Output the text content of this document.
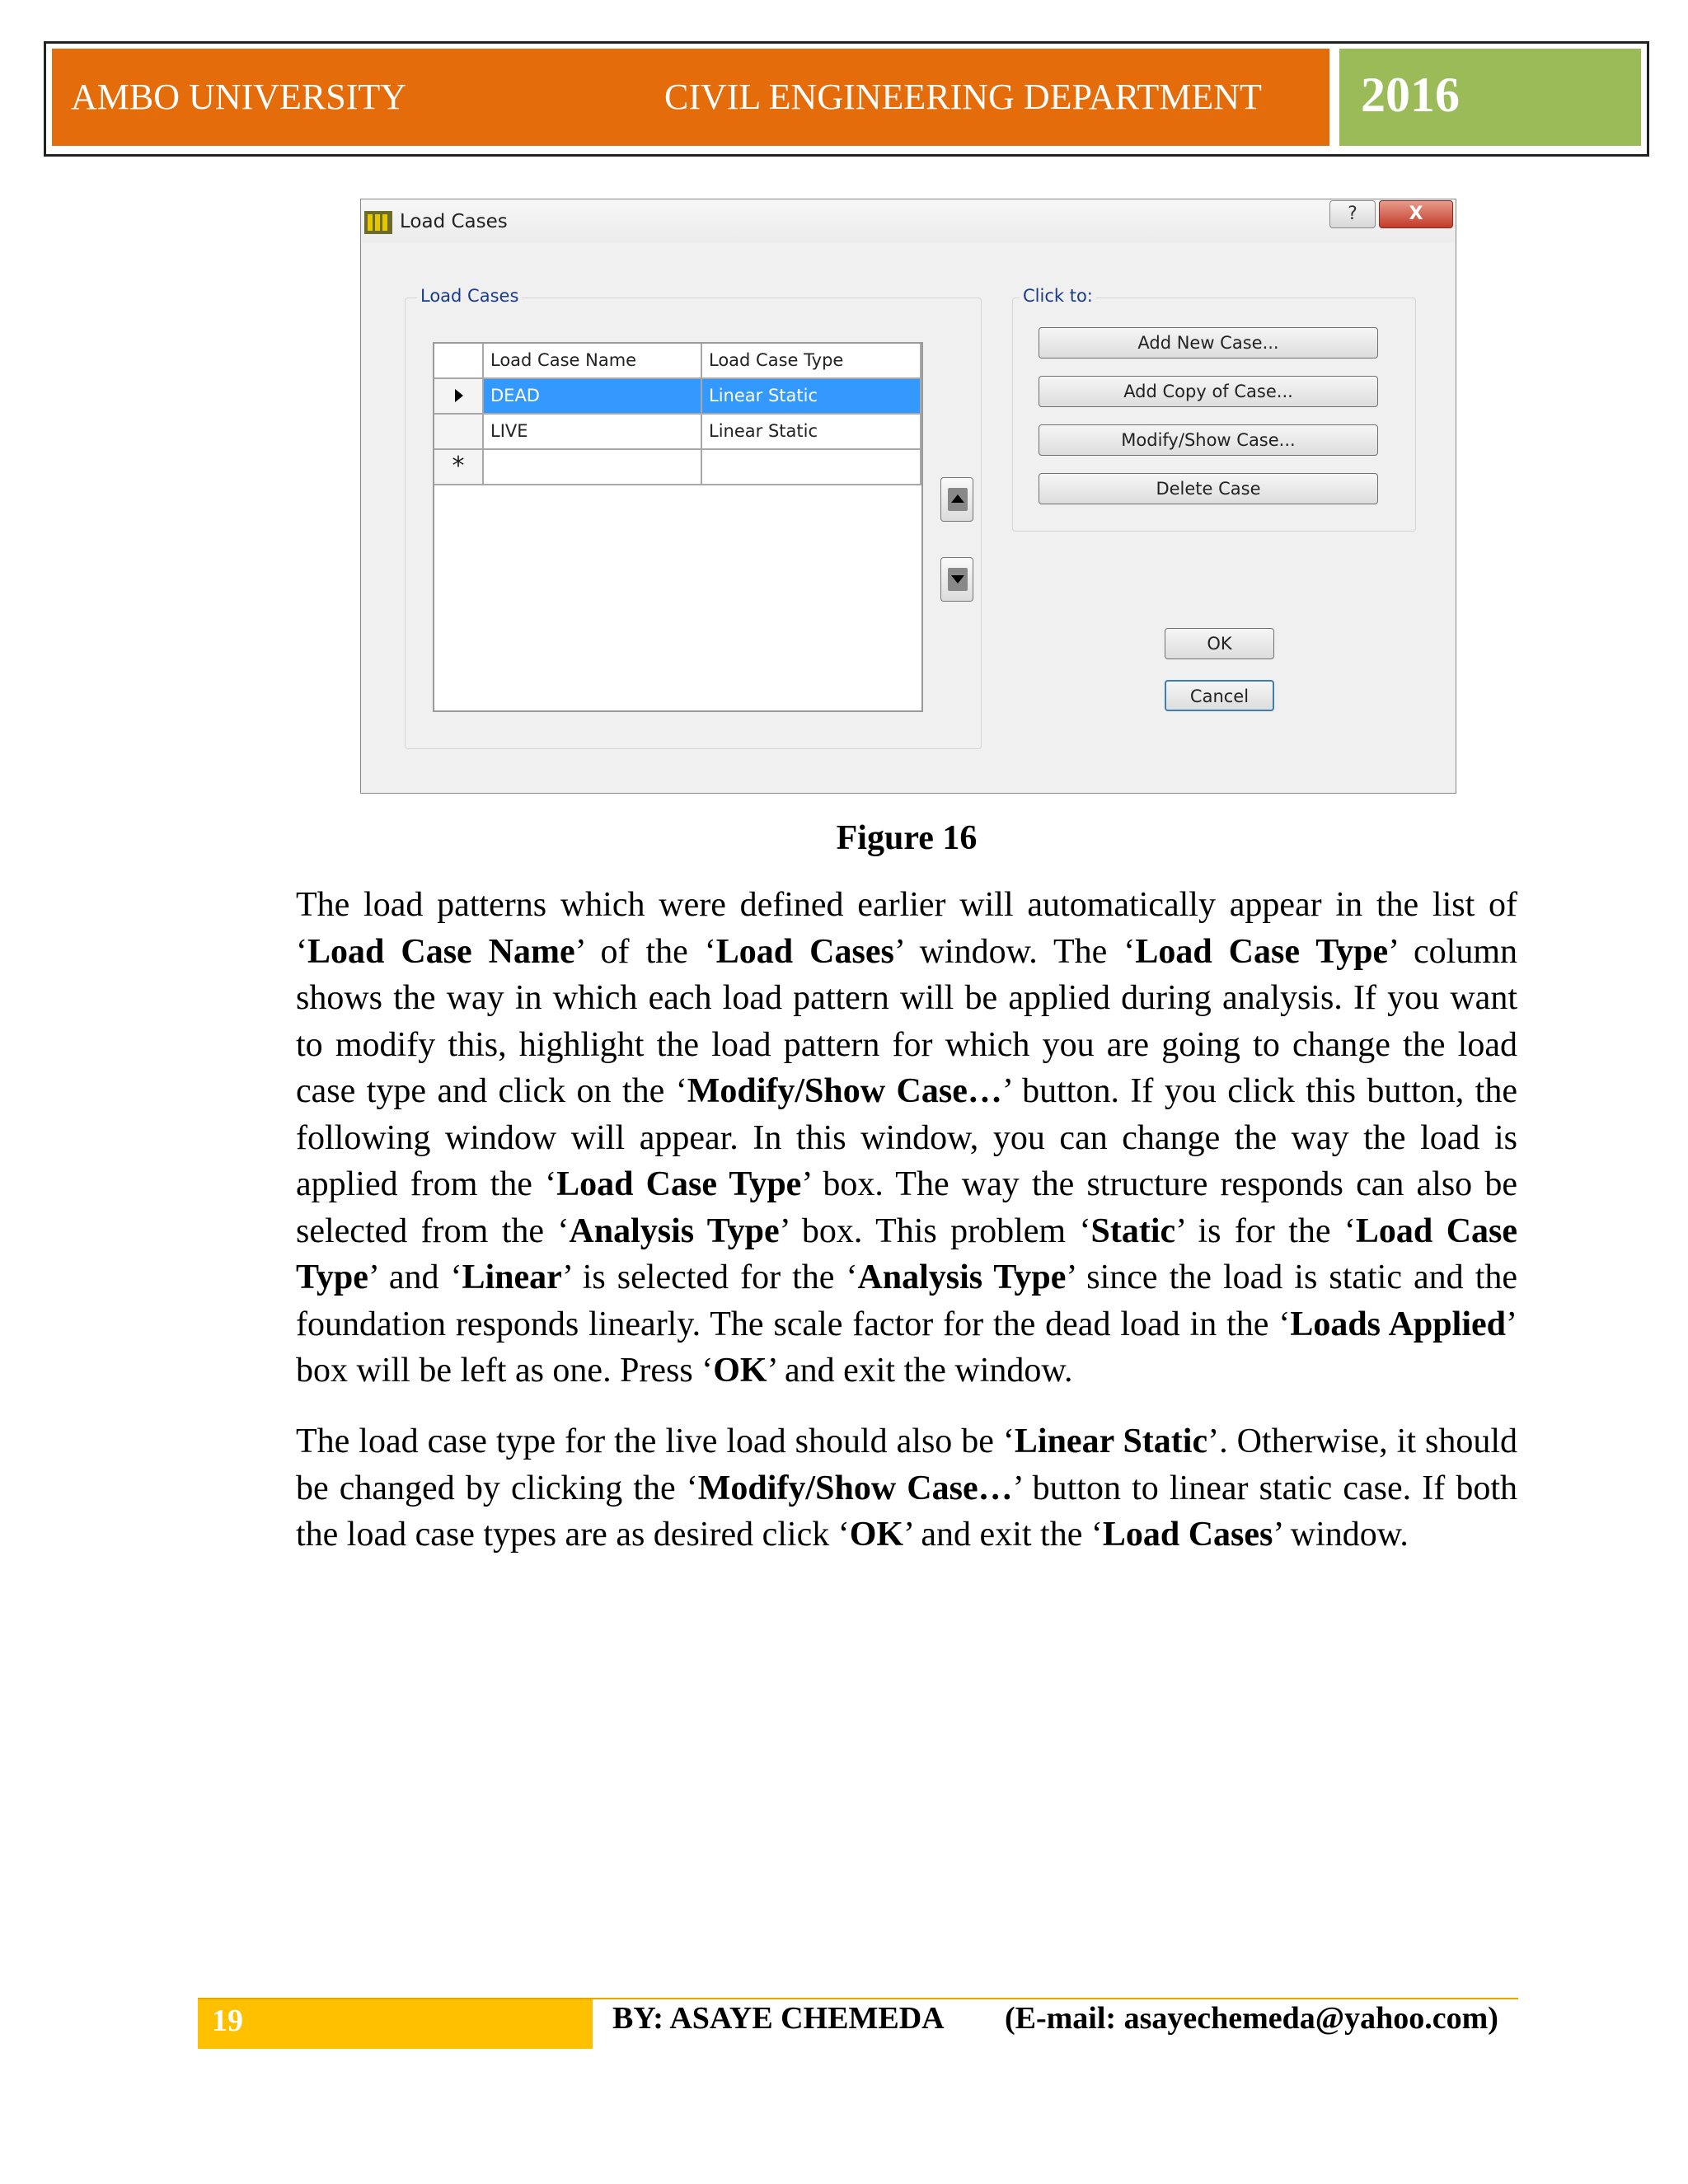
AMBO UNIVERSITY	CIVIL ENGINEERING DEPARTMENT 2016
Load Cases	?	X
Load Cases
Load Case Name	Load Case Type
DEAD	Linear Static
LIVE	Linear Static
*
Click to:
Add New Case...
Add Copy of Case...
Modify/Show Case...
Delete Case
OK
Cancel
Figure 16
The load patterns which were defined earlier will automatically appear in the list of ‘Load Case Name’ of the ‘Load Cases’ window. The ‘Load Case Type’ column shows the way in which each load pattern will be applied during analysis. If you want to modify this, highlight the load pattern for which you are going to change the load case type and click on the ‘Modify/Show Case…’ button. If you click this button, the following window will appear. In this window, you can change the way the load is applied from the ‘Load Case Type’ box. The way the structure responds can also be selected from the ‘Analysis Type’ box. This problem ‘Static’ is for the ‘Load Case Type’ and ‘Linear’ is selected for the ‘Analysis Type’ since the load is static and the foundation responds linearly. The scale factor for the dead load in the ‘Loads Applied’ box will be left as one. Press ‘OK’ and exit the window.
The load case type for the live load should also be ‘Linear Static’. Otherwise, it should be changed by clicking the ‘Modify/Show Case…’ button to linear static case. If both the load case types are as desired click ‘OK’ and exit the ‘Load Cases’ window.
19	BY: ASAYE CHEMEDA (E-mail: asayechemeda@yahoo.com)
